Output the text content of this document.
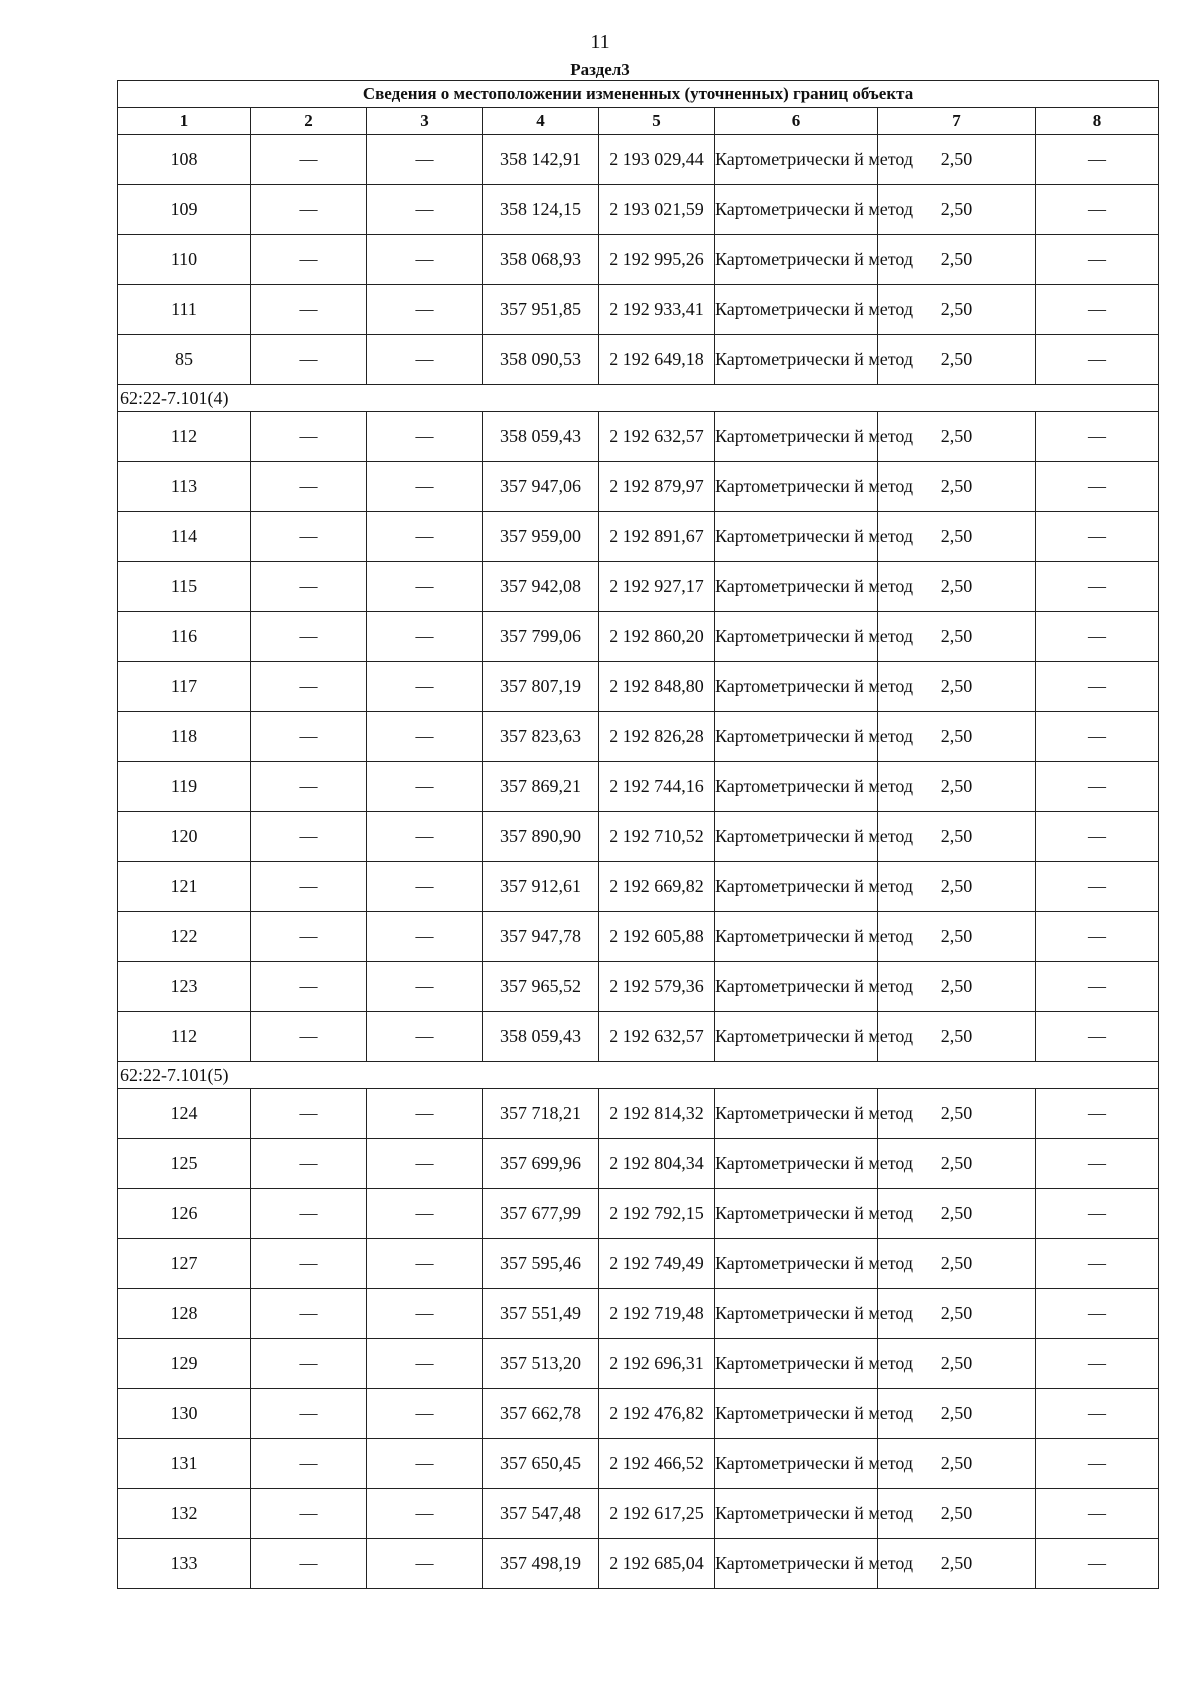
11
Раздел3
Сведения о местоположении измененных (уточненных) границ объекта							
1	2	3	4	5	6	7	8
108	—	—	358 142,91	2 193 029,44	Картометрически й метод	2,50	—
109	—	—	358 124,15	2 193 021,59	Картометрически й метод	2,50	—
110	—	—	358 068,93	2 192 995,26	Картометрически й метод	2,50	—
111	—	—	357 951,85	2 192 933,41	Картометрически й метод	2,50	—
85	—	—	358 090,53	2 192 649,18	Картометрически й метод	2,50	—
62:22-7.101(4)							
112	—	—	358 059,43	2 192 632,57	Картометрически й метод	2,50	—
113	—	—	357 947,06	2 192 879,97	Картометрически й метод	2,50	—
114	—	—	357 959,00	2 192 891,67	Картометрически й метод	2,50	—
115	—	—	357 942,08	2 192 927,17	Картометрически й метод	2,50	—
116	—	—	357 799,06	2 192 860,20	Картометрически й метод	2,50	—
117	—	—	357 807,19	2 192 848,80	Картометрически й метод	2,50	—
118	—	—	357 823,63	2 192 826,28	Картометрически й метод	2,50	—
119	—	—	357 869,21	2 192 744,16	Картометрически й метод	2,50	—
120	—	—	357 890,90	2 192 710,52	Картометрически й метод	2,50	—
121	—	—	357 912,61	2 192 669,82	Картометрически й метод	2,50	—
122	—	—	357 947,78	2 192 605,88	Картометрически й метод	2,50	—
123	—	—	357 965,52	2 192 579,36	Картометрически й метод	2,50	—
112	—	—	358 059,43	2 192 632,57	Картометрически й метод	2,50	—
62:22-7.101(5)							
124	—	—	357 718,21	2 192 814,32	Картометрически й метод	2,50	—
125	—	—	357 699,96	2 192 804,34	Картометрически й метод	2,50	—
126	—	—	357 677,99	2 192 792,15	Картометрически й метод	2,50	—
127	—	—	357 595,46	2 192 749,49	Картометрически й метод	2,50	—
128	—	—	357 551,49	2 192 719,48	Картометрически й метод	2,50	—
129	—	—	357 513,20	2 192 696,31	Картометрически й метод	2,50	—
130	—	—	357 662,78	2 192 476,82	Картометрически й метод	2,50	—
131	—	—	357 650,45	2 192 466,52	Картометрически й метод	2,50	—
132	—	—	357 547,48	2 192 617,25	Картометрически й метод	2,50	—
133	—	—	357 498,19	2 192 685,04	Картометрически й метод	2,50	—
